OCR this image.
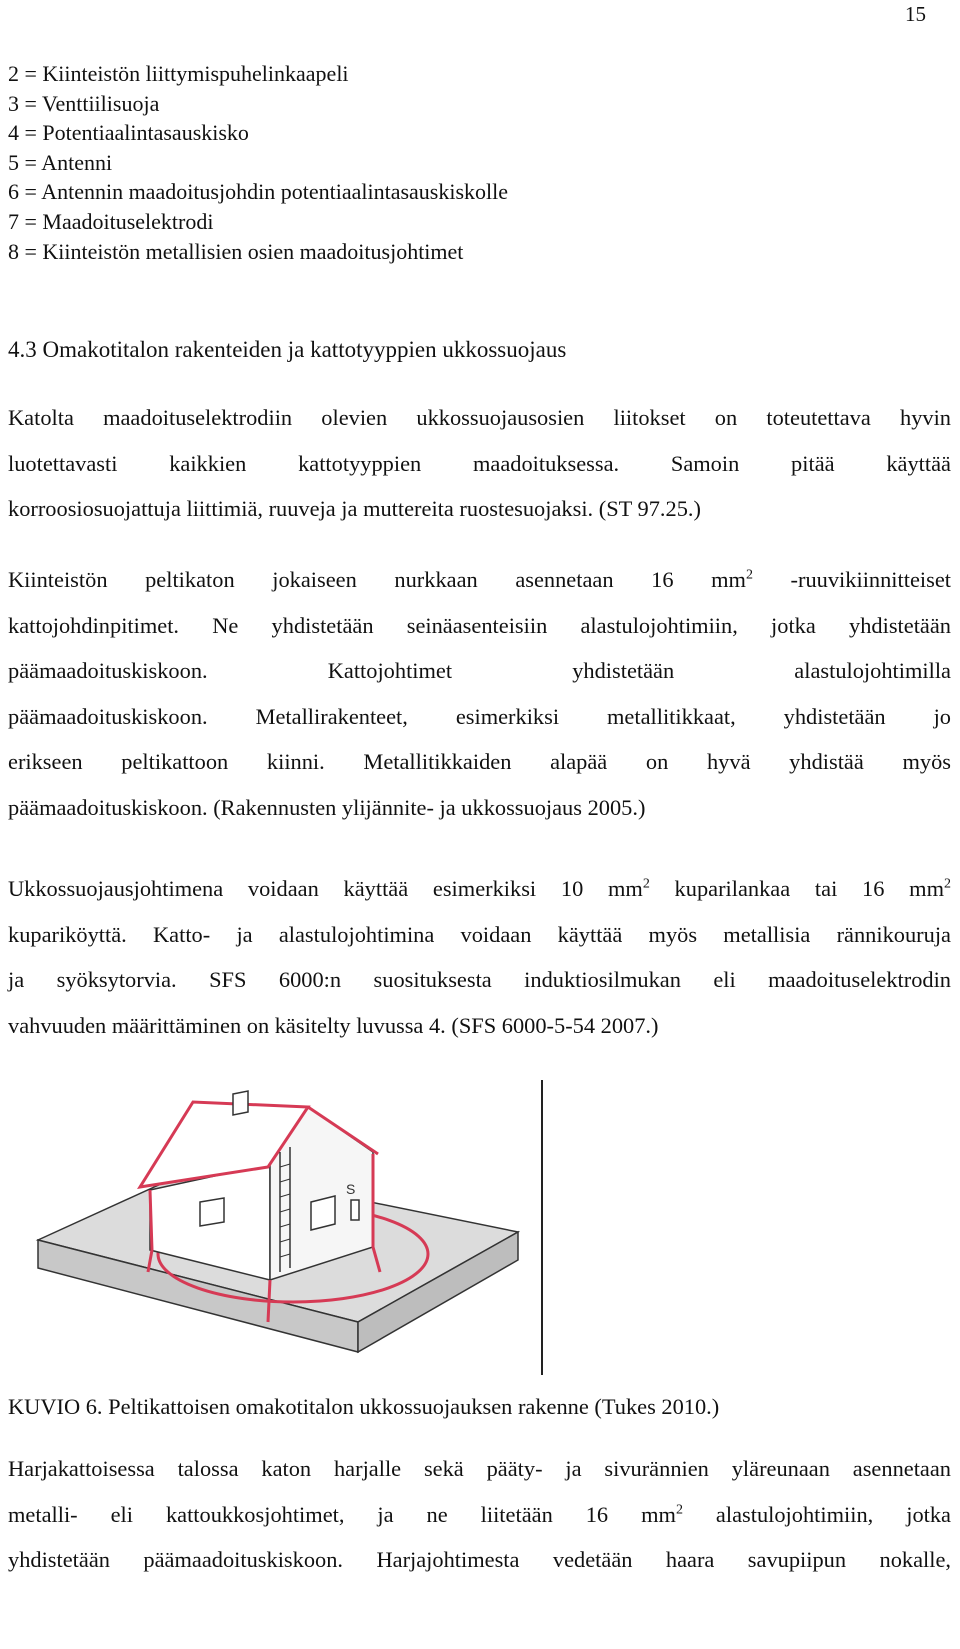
15
2 = Kiinteistön liittymispuhelinkaapeli
3 = Venttiilisuoja
4 = Potentiaalintasauskisko
5 = Antenni
6 = Antennin maadoitusjohdin potentiaalintasauskiskolle
7 = Maadoituselektrodi
8 = Kiinteistön metallisien osien maadoitusjohtimet
4.3 Omakotitalon rakenteiden ja kattotyyppien ukkossuojaus
Katolta maadoituselektrodiin olevien ukkossuojausosien liitokset on toteutettava hyvin
luotettavasti kaikkien kattotyyppien maadoituksessa. Samoin pitää käyttää
korroosiosuojattuja liittimiä, ruuveja ja muttereita ruostesuojaksi. (ST 97.25.)
Kiinteistön peltikaton jokaiseen nurkkaan asennetaan 16 $mm^2$ -ruuvikiinnitteiset
kattojohdinpitimet. Ne yhdistetään seinäasenteisiin alastulojohtimiin, jotka yhdistetään
päämaadoituskiskoon. Kattojohtimet yhdistetään alastulojohtimilla
päämaadoituskiskoon. Metallirakenteet, esimerkiksi metallitikkaat, yhdistetään jo
erikseen peltikattoon kiinni. Metallitikkaiden alapää on hyvä yhdistää myös
päämaadoituskiskoon. (Rakennusten ylijännite- ja ukkossuojaus 2005.)
Ukkossuojausjohtimena voidaan käyttää esimerkiksi 10 $mm^2$ kuparilankaa tai 16 $mm^2$
kupariköyttä. Katto- ja alastulojohtimina voidaan käyttää myös metallisia rännikouruja
ja syöksytorvia. SFS 6000:n suosituksesta induktiosilmukan eli maadoituselektrodin
vahvuuden määrittäminen on käsitelty luvussa 4. (SFS 6000-5-54 2007.)
S
KUVIO 6. Peltikattoisen omakotitalon ukkossuojauksen rakenne (Tukes 2010.)
Harjakattoisessa talossa katon harjalle sekä pääty- ja sivurännien yläreunaan asennetaan
metalli- eli kattoukkosjohtimet, ja ne liitetään 16 $mm^2$ alastulojohtimiin, jotka
yhdistetään päämaadoituskiskoon. Harjajohtimesta vedetään haara savupiipun nokalle,
